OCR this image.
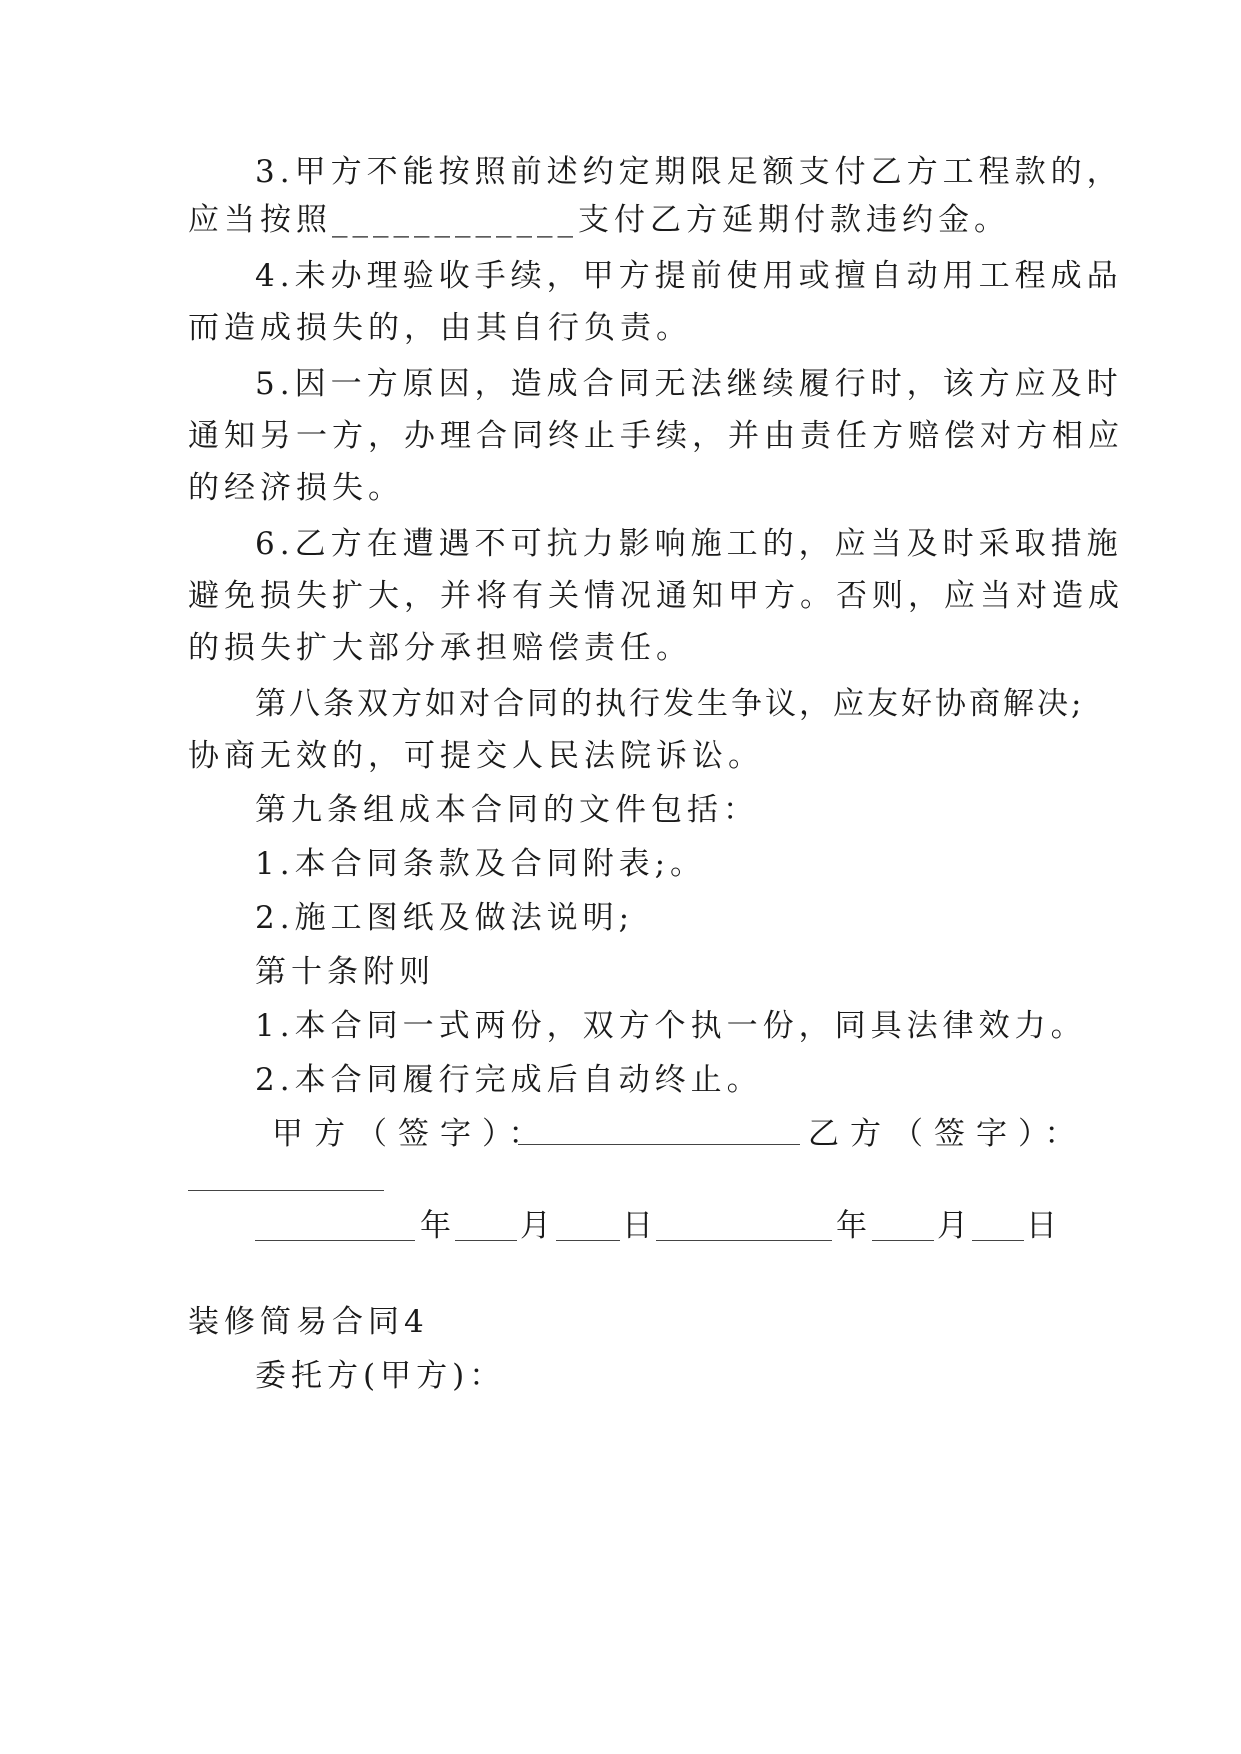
3.甲方不能按照前述约定期限足额支付乙方工程款的，
应当按照____________支付乙方延期付款违约金。
4.未办理验收手续，甲方提前使用或擅自动用工程成品
而造成损失的，由其自行负责。
5.因一方原因，造成合同无法继续履行时，该方应及时
通知另一方，办理合同终止手续，并由责任方赔偿对方相应
的经济损失。
6.乙方在遭遇不可抗力影响施工的，应当及时采取措施
避免损失扩大，并将有关情况通知甲方。否则，应当对造成
的损失扩大部分承担赔偿责任。
第八条双方如对合同的执行发生争议，应友好协商解决;
协商无效的，可提交人民法院诉讼。
第九条组成本合同的文件包括：
1.本合同条款及合同附表;。
2.施工图纸及做法说明;
第十条附则
1.本合同一式两份，双方个执一份，同具法律效力。
2.本合同履行完成后自动终止。
甲方（签字）：	乙方（签字）：
年 月 日	年 月 日
装修简易合同4
委托方(甲方)：
